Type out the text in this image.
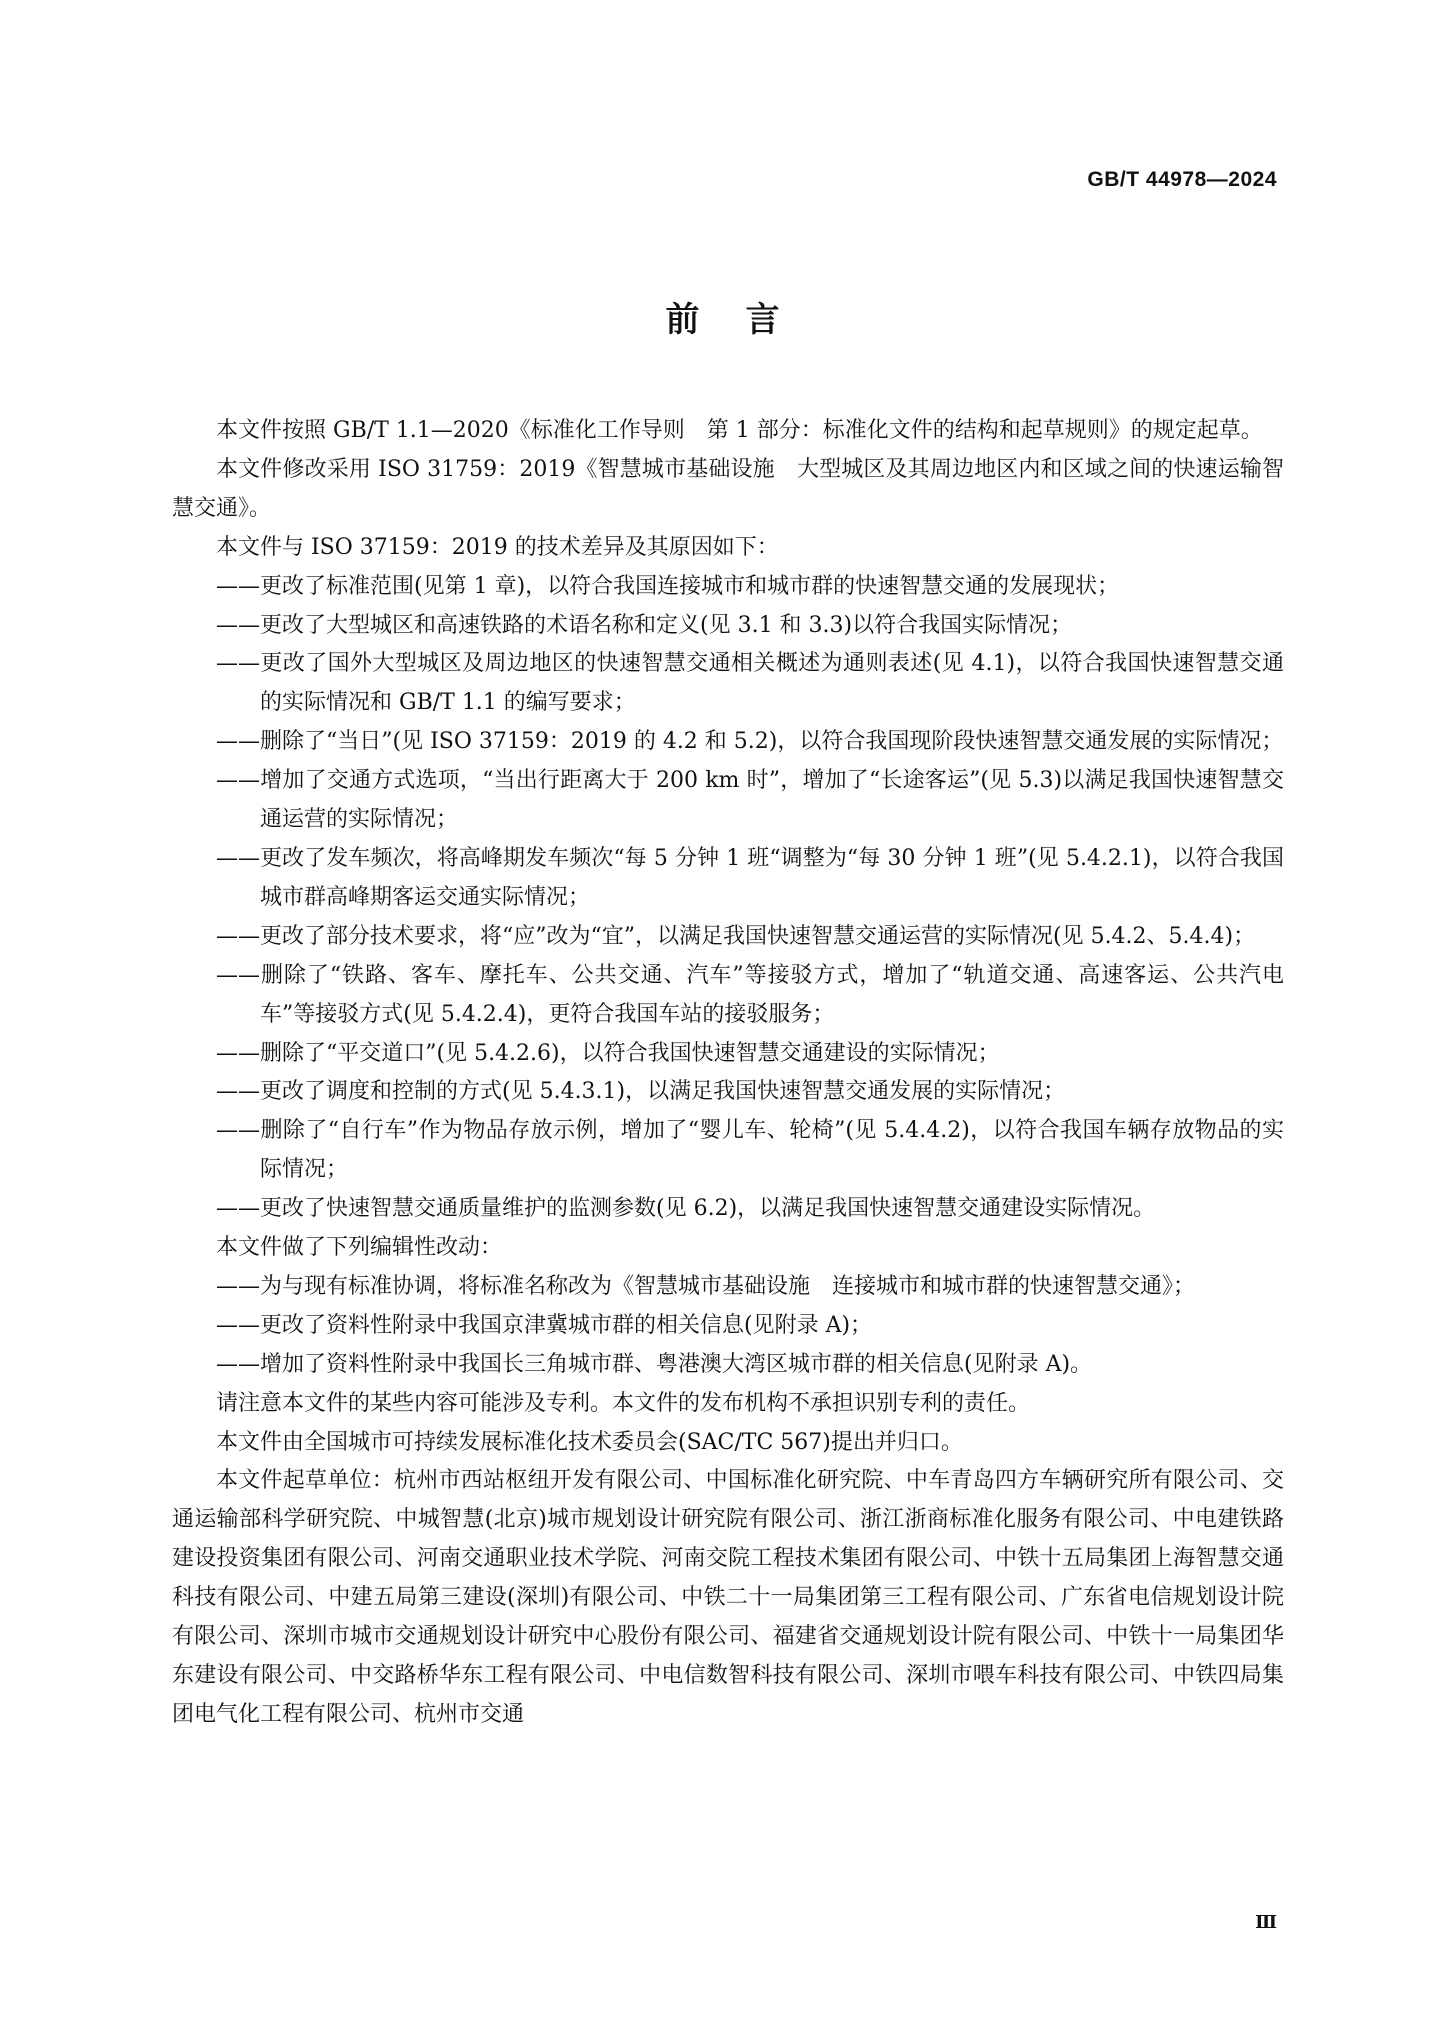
GB/T 44978—2024
前言

本文件按照 GB/T 1.1—2020《标准化工作导则　第 1 部分：标准化文件的结构和起草规则》的规定起草。

本文件修改采用 ISO 31759：2019《智慧城市基础设施　大型城区及其周边地区内和区域之间的快速运输智慧交通》。

本文件与 ISO 37159：2019 的技术差异及其原因如下：

——更改了标准范围(见第 1 章)，以符合我国连接城市和城市群的快速智慧交通的发展现状；

——更改了大型城区和高速铁路的术语名称和定义(见 3.1 和 3.3)以符合我国实际情况；

——更改了国外大型城区及周边地区的快速智慧交通相关概述为通则表述(见 4.1)，以符合我国快速智慧交通的实际情况和 GB/T 1.1 的编写要求；

——删除了“当日”(见 ISO 37159：2019 的 4.2 和 5.2)，以符合我国现阶段快速智慧交通发展的实际情况；

——增加了交通方式选项，“当出行距离大于 200 km 时”，增加了“长途客运”(见 5.3)以满足我国快速智慧交通运营的实际情况；

——更改了发车频次，将高峰期发车频次“每 5 分钟 1 班“调整为“每 30 分钟 1 班”(见 5.4.2.1)，以符合我国城市群高峰期客运交通实际情况；

——更改了部分技术要求，将“应”改为“宜”，以满足我国快速智慧交通运营的实际情况(见 5.4.2、5.4.4)；

——删除了“铁路、客车、摩托车、公共交通、汽车”等接驳方式，增加了“轨道交通、高速客运、公共汽电车”等接驳方式(见 5.4.2.4)，更符合我国车站的接驳服务；

——删除了“平交道口”(见 5.4.2.6)，以符合我国快速智慧交通建设的实际情况；

——更改了调度和控制的方式(见 5.4.3.1)，以满足我国快速智慧交通发展的实际情况；

——删除了“自行车”作为物品存放示例，增加了“婴儿车、轮椅”(见 5.4.4.2)，以符合我国车辆存放物品的实际情况；

——更改了快速智慧交通质量维护的监测参数(见 6.2)，以满足我国快速智慧交通建设实际情况。

本文件做了下列编辑性改动：

——为与现有标准协调，将标准名称改为《智慧城市基础设施　连接城市和城市群的快速智慧交通》；

——更改了资料性附录中我国京津冀城市群的相关信息(见附录 A)；

——增加了资料性附录中我国长三角城市群、粤港澳大湾区城市群的相关信息(见附录 A)。

请注意本文件的某些内容可能涉及专利。本文件的发布机构不承担识别专利的责任。

本文件由全国城市可持续发展标准化技术委员会(SAC/TC 567)提出并归口。

本文件起草单位：杭州市西站枢纽开发有限公司、中国标准化研究院、中车青岛四方车辆研究所有限公司、交通运输部科学研究院、中城智慧(北京)城市规划设计研究院有限公司、浙江浙商标准化服务有限公司、中电建铁路建设投资集团有限公司、河南交通职业技术学院、河南交院工程技术集团有限公司、中铁十五局集团上海智慧交通科技有限公司、中建五局第三建设(深圳)有限公司、中铁二十一局集团第三工程有限公司、广东省电信规划设计院有限公司、深圳市城市交通规划设计研究中心股份有限公司、福建省交通规划设计院有限公司、中铁十一局集团华东建设有限公司、中交路桥华东工程有限公司、中电信数智科技有限公司、深圳市喂车科技有限公司、中铁四局集团电气化工程有限公司、杭州市交通

Ⅲ
